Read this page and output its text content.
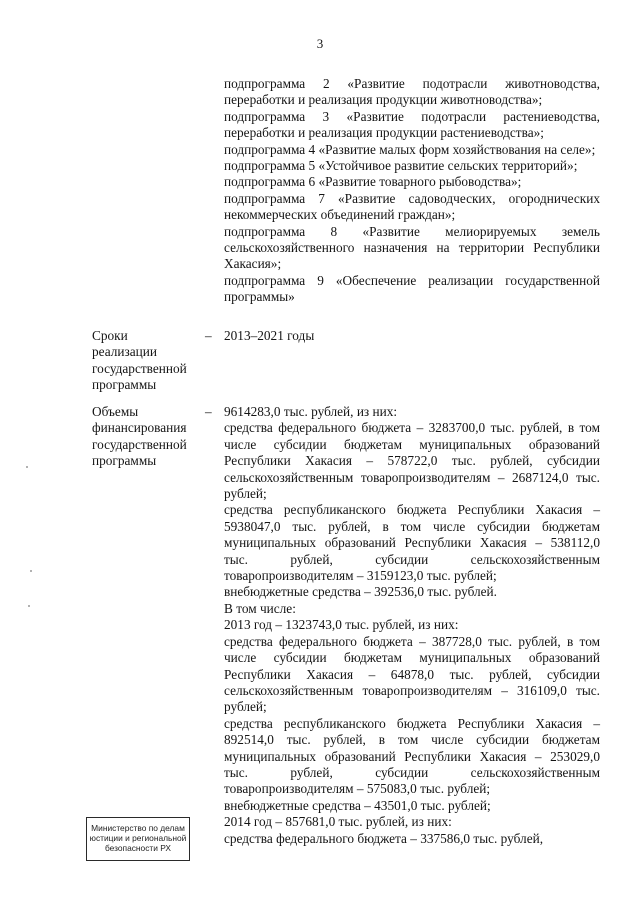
3

подпрограмма 2 «Развитие подотрасли животноводства, переработки и реализация продукции животноводства»;

подпрограмма 3 «Развитие подотрасли растениеводства, переработки и реализация продукции растениеводства»;

подпрограмма 4 «Развитие малых форм хозяйствования на селе»;

подпрограмма 5 «Устойчивое развитие сельских территорий»;

подпрограмма 6 «Развитие товарного рыбоводства»;

подпрограмма 7 «Развитие садоводческих, огороднических некоммерческих объединений граждан»;

подпрограмма 8 «Развитие мелиорируемых земель сельскохозяйственного назначения на территории Республики Хакасия»;

подпрограмма 9 «Обеспечение реализации государственной программы»

Сроки
реализации
государственной
программы
– 2013–2021 годы
Объемы
финансирования
государственной
программы
– 9614283,0 тыс. рублей, из них:

средства федерального бюджета – 3283700,0 тыс. рублей, в том числе субсидии бюджетам муниципальных образований Республики Хакасия – 578722,0 тыс. рублей, субсидии сельскохозяйственным товаропроизводителям – 2687124,0 тыс. рублей;

средства республиканского бюджета Республики Хакасия – 5938047,0 тыс. рублей, в том числе субсидии бюджетам муниципальных образований Республики Хакасия – 538112,0 тыс. рублей, субсидии сельскохозяйственным товаропроизводителям – 3159123,0 тыс. рублей;

внебюджетные средства – 392536,0 тыс. рублей.

В том числе:

2013 год – 1323743,0 тыс. рублей, из них:

средства федерального бюджета – 387728,0 тыс. рублей, в том числе субсидии бюджетам муниципальных образований Республики Хакасия – 64878,0 тыс. рублей, субсидии сельскохозяйственным товаропроизводителям – 316109,0 тыс. рублей;

средства республиканского бюджета Республики Хакасия – 892514,0 тыс. рублей, в том числе субсидии бюджетам муниципальных образований Республики Хакасия – 253029,0 тыс. рублей, субсидии сельскохозяйственным товаропроизводителям – 575083,0 тыс. рублей;

внебюджетные средства – 43501,0 тыс. рублей;

2014 год – 857681,0 тыс. рублей, из них:

средства федерального бюджета – 337586,0 тыс. рублей,

Министерство по делам
юстиции и региональной
безопасности РХ
